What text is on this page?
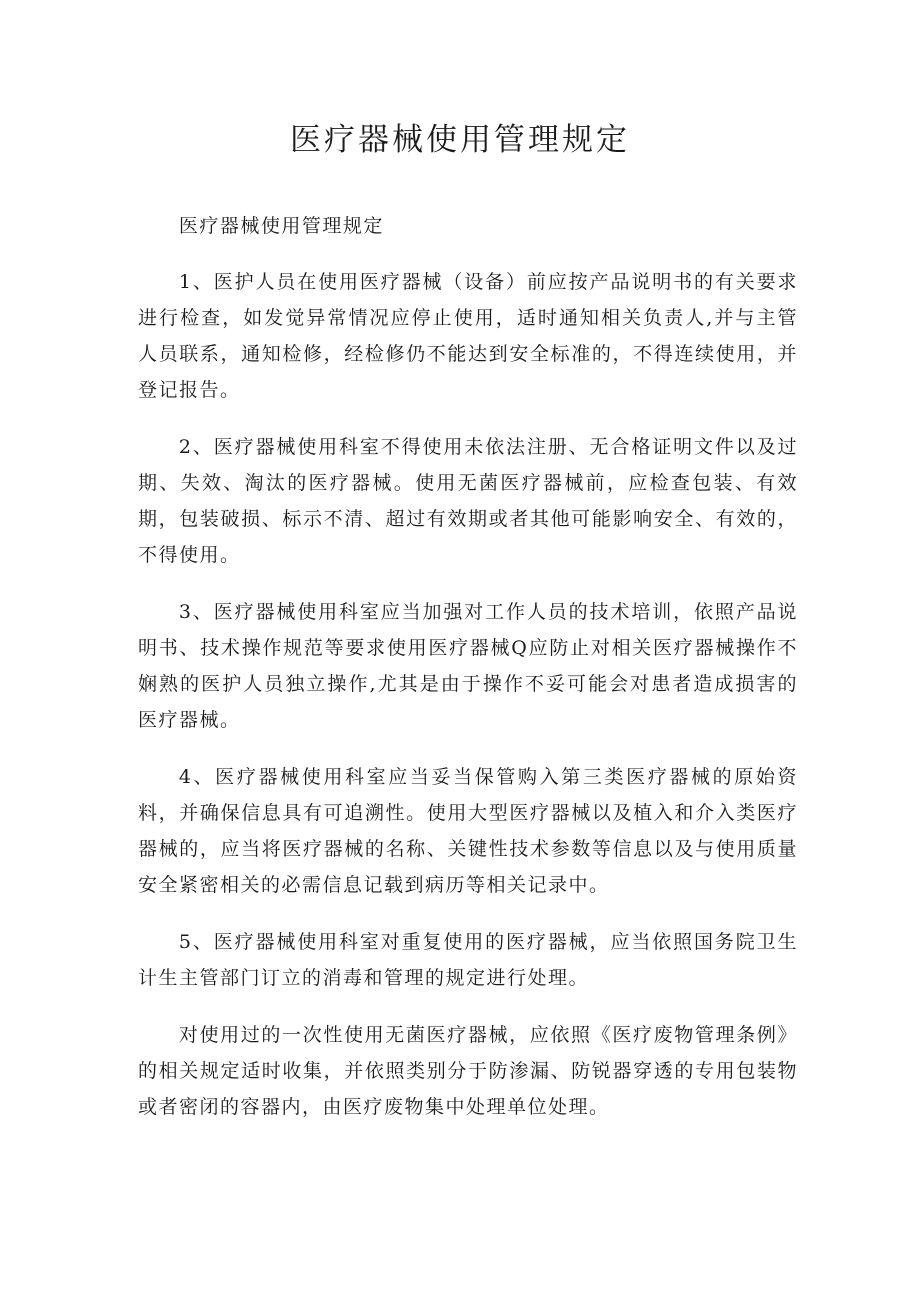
医疗器械使用管理规定

医疗器械使用管理规定

1、医护人员在使用医疗器械（设备）前应按产品说明书的有关要求进行检查，如发觉异常情况应停止使用，适时通知相关负责人,并与主管人员联系，通知检修，经检修仍不能达到安全标准的，不得连续使用，并登记报告。

2、医疗器械使用科室不得使用未依法注册、无合格证明文件以及过期、失效、淘汰的医疗器械。使用无菌医疗器械前，应检查包装、有效期，包装破损、标示不清、超过有效期或者其他可能影响安全、有效的，不得使用。

3、医疗器械使用科室应当加强对工作人员的技术培训，依照产品说明书、技术操作规范等要求使用医疗器械Q应防止对相关医疗器械操作不娴熟的医护人员独立操作,尤其是由于操作不妥可能会对患者造成损害的医疗器械。

4、医疗器械使用科室应当妥当保管购入第三类医疗器械的原始资料，并确保信息具有可追溯性。使用大型医疗器械以及植入和介入类医疗器械的，应当将医疗器械的名称、关键性技术参数等信息以及与使用质量安全紧密相关的必需信息记载到病历等相关记录中。

5、医疗器械使用科室对重复使用的医疗器械，应当依照国务院卫生计生主管部门订立的消毒和管理的规定进行处理。

对使用过的一次性使用无菌医疗器械，应依照《医疗废物管理条例》的相关规定适时收集，并依照类别分于防渗漏、防锐器穿透的专用包装物或者密闭的容器内，由医疗废物集中处理单位处理。
